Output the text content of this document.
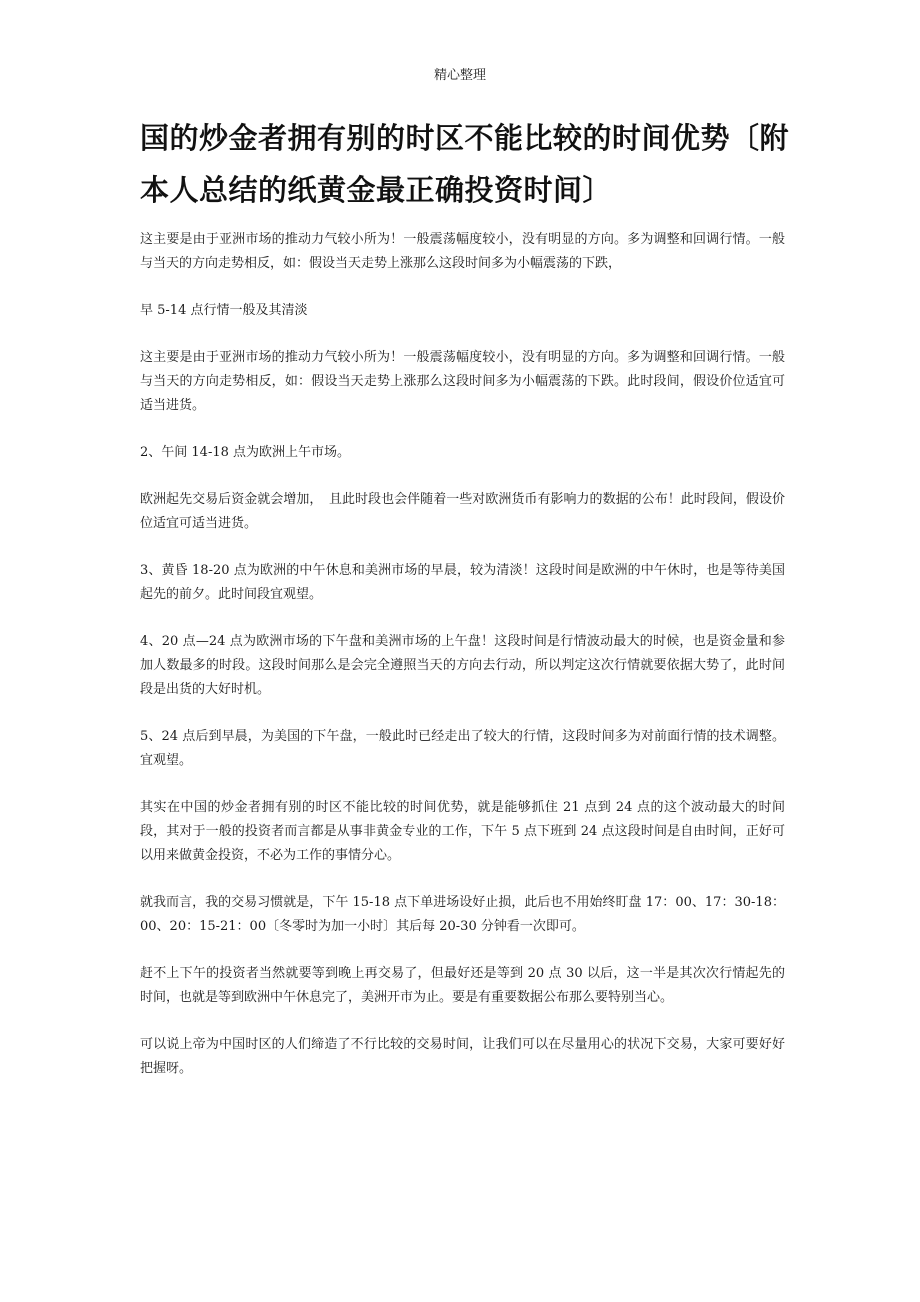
精心整理
国的炒金者拥有别的时区不能比较的时间优势〔附本人总结的纸黄金最正确投资时间〕

这主要是由于亚洲市场的推动力气较小所为！一般震荡幅度较小，没有明显的方向。多为调整和回调行情。一般与当天的方向走势相反，如：假设当天走势上涨那么这段时间多为小幅震荡的下跌，

早 5-14 点行情一般及其清淡

这主要是由于亚洲市场的推动力气较小所为！一般震荡幅度较小，没有明显的方向。多为调整和回调行情。一般与当天的方向走势相反，如：假设当天走势上涨那么这段时间多为小幅震荡的下跌。此时段间，假设价位适宜可适当进货。

2、午间 14-18 点为欧洲上午市场。

欧洲起先交易后资金就会增加，　且此时段也会伴随着一些对欧洲货币有影响力的数据的公布！此时段间，假设价位适宜可适当进货。

3、黄昏 18-20 点为欧洲的中午休息和美洲市场的早晨，较为清淡！这段时间是欧洲的中午休时，也是等待美国起先的前夕。此时间段宜观望。

4、20 点—24 点为欧洲市场的下午盘和美洲市场的上午盘！这段时间是行情波动最大的时候，也是资金量和参加人数最多的时段。这段时间那么是会完全遵照当天的方向去行动，所以判定这次行情就要依据大势了，此时间段是出货的大好时机。

5、24 点后到早晨，为美国的下午盘，一般此时已经走出了较大的行情，这段时间多为对前面行情的技术调整。宜观望。

其实在中国的炒金者拥有别的时区不能比较的时间优势，就是能够抓住 21 点到 24 点的这个波动最大的时间段，其对于一般的投资者而言都是从事非黄金专业的工作，下午 5 点下班到 24 点这段时间是自由时间，正好可以用来做黄金投资，不必为工作的事情分心。

就我而言，我的交易习惯就是，下午 15-18 点下单进场设好止损，此后也不用始终盯盘 17：00、17：30-18：00、20：15-21：00〔冬零时为加一小时〕其后每 20-30 分钟看一次即可。

赶不上下午的投资者当然就要等到晚上再交易了，但最好还是等到 20 点 30 以后，这一半是其次次行情起先的时间，也就是等到欧洲中午休息完了，美洲开市为止。要是有重要数据公布那么要特别当心。

可以说上帝为中国时区的人们缔造了不行比较的交易时间，让我们可以在尽量用心的状况下交易，大家可要好好把握呀。
